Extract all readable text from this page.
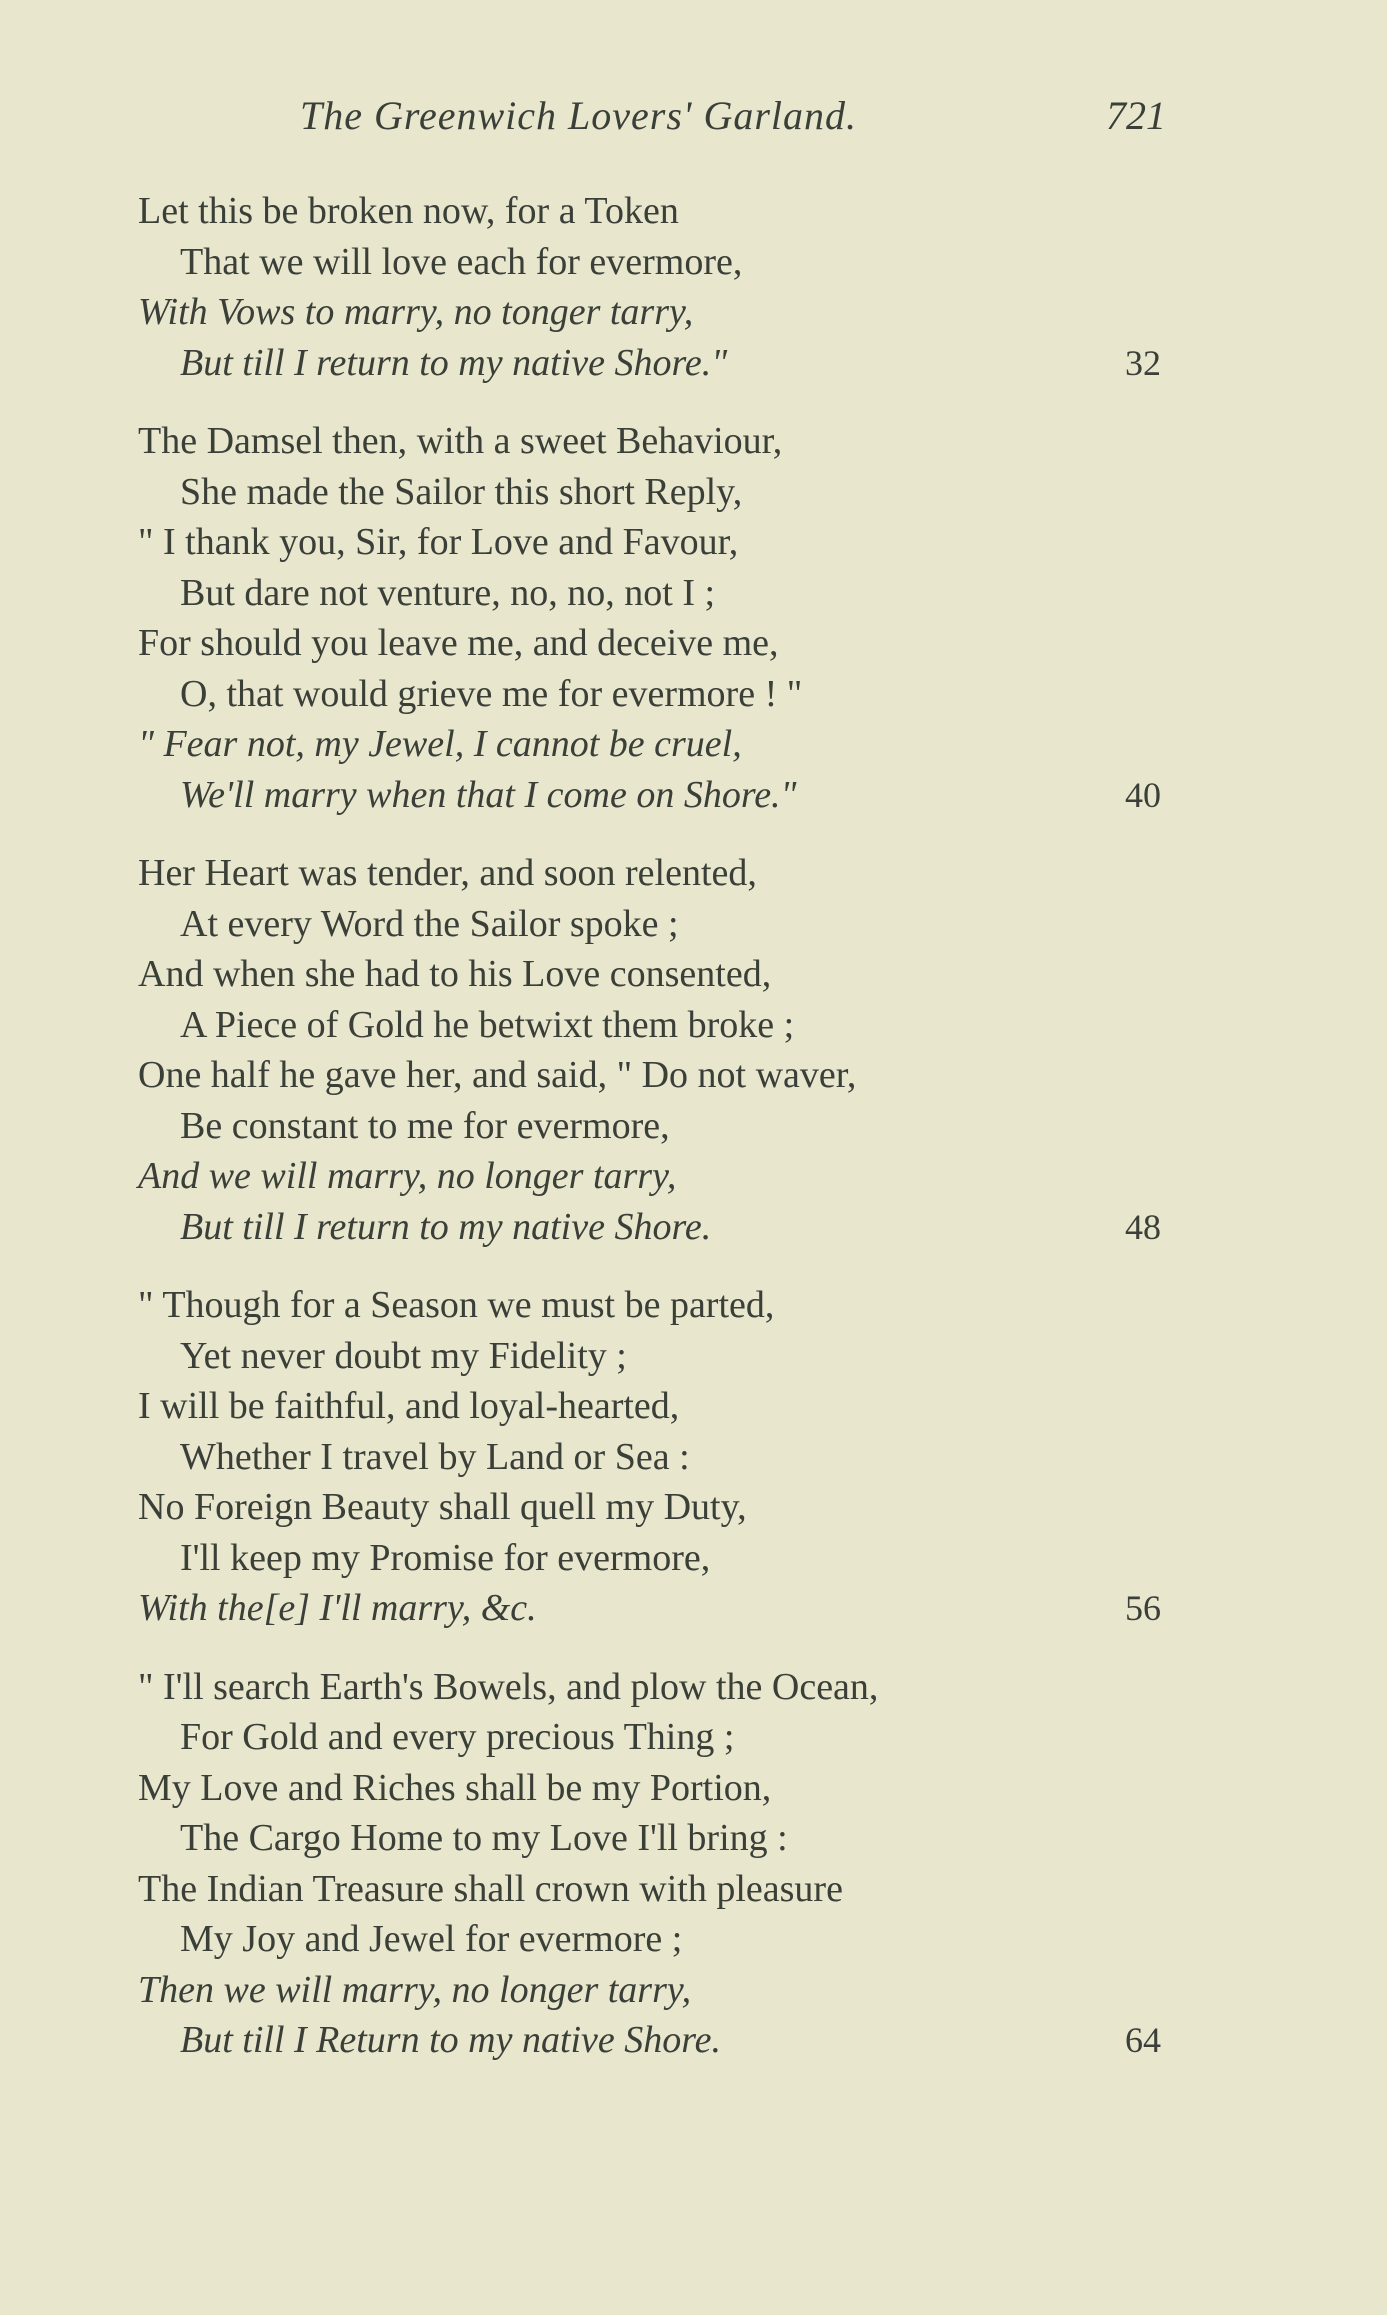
The Greenwich Lovers' Garland.	721
Let this be broken now, for a Token
That we will love each for evermore,
With Vows to marry, no tonger tarry,
But till I return to my native Shore."	32
The Damsel then, with a sweet Behaviour,
She made the Sailor this short Reply,
" I thank you, Sir, for Love and Favour,
But dare not venture, no, no, not I ;
For should you leave me, and deceive me,
O, that would grieve me for evermore ! "
" Fear not, my Jewel, I cannot be cruel,
We'll marry when that I come on Shore."	40
Her Heart was tender, and soon relented,
At every Word the Sailor spoke ;
And when she had to his Love consented,
A Piece of Gold he betwixt them broke ;
One half he gave her, and said, " Do not waver,
Be constant to me for evermore,
And we will marry, no longer tarry,
But till I return to my native Shore.	48
" Though for a Season we must be parted,
Yet never doubt my Fidelity ;
I will be faithful, and loyal-hearted,
Whether I travel by Land or Sea :
No Foreign Beauty shall quell my Duty,
I'll keep my Promise for evermore,
With the[e] I'll marry, &c.	56
" I'll search Earth's Bowels, and plow the Ocean,
For Gold and every precious Thing ;
My Love and Riches shall be my Portion,
The Cargo Home to my Love I'll bring :
The Indian Treasure shall crown with pleasure
My Joy and Jewel for evermore ;
Then we will marry, no longer tarry,
But till I Return to my native Shore.	64
